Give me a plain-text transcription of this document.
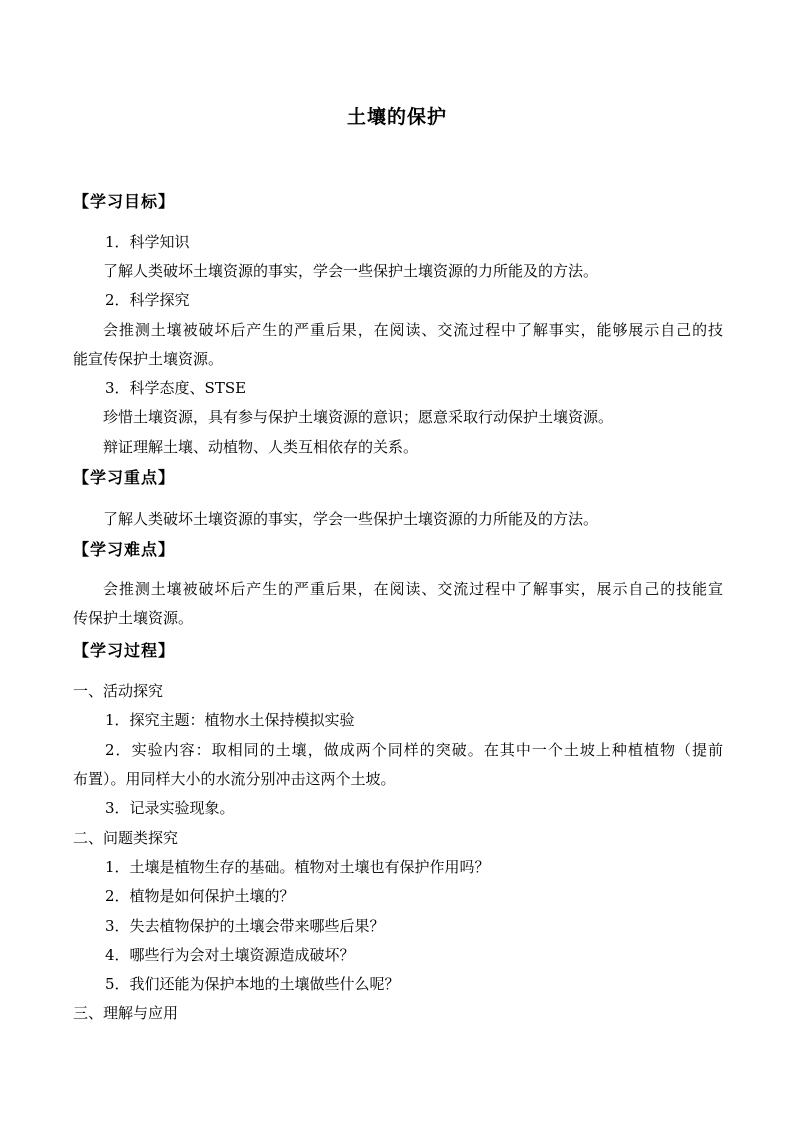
土壤的保护
【学习目标】
1．科学知识
了解人类破坏土壤资源的事实，学会一些保护土壤资源的力所能及的方法。
2．科学探究
会推测土壤被破坏后产生的严重后果，在阅读、交流过程中了解事实，能够展示自己的技
能宣传保护土壤资源。
3．科学态度、STSE
珍惜土壤资源，具有参与保护土壤资源的意识；愿意采取行动保护土壤资源。
辩证理解土壤、动植物、人类互相依存的关系。
【学习重点】
了解人类破坏土壤资源的事实，学会一些保护土壤资源的力所能及的方法。
【学习难点】
会推测土壤被破坏后产生的严重后果，在阅读、交流过程中了解事实，展示自己的技能宣
传保护土壤资源。
【学习过程】
一、活动探究
1．探究主题：植物水土保持模拟实验
2．实验内容：取相同的土壤，做成两个同样的突破。在其中一个土坡上种植植物（提前
布置）。用同样大小的水流分别冲击这两个土坡。
3．记录实验现象。
二、问题类探究
1．土壤是植物生存的基础。植物对土壤也有保护作用吗？
2．植物是如何保护土壤的？
3．失去植物保护的土壤会带来哪些后果？
4．哪些行为会对土壤资源造成破坏？
5．我们还能为保护本地的土壤做些什么呢？
三、理解与应用
